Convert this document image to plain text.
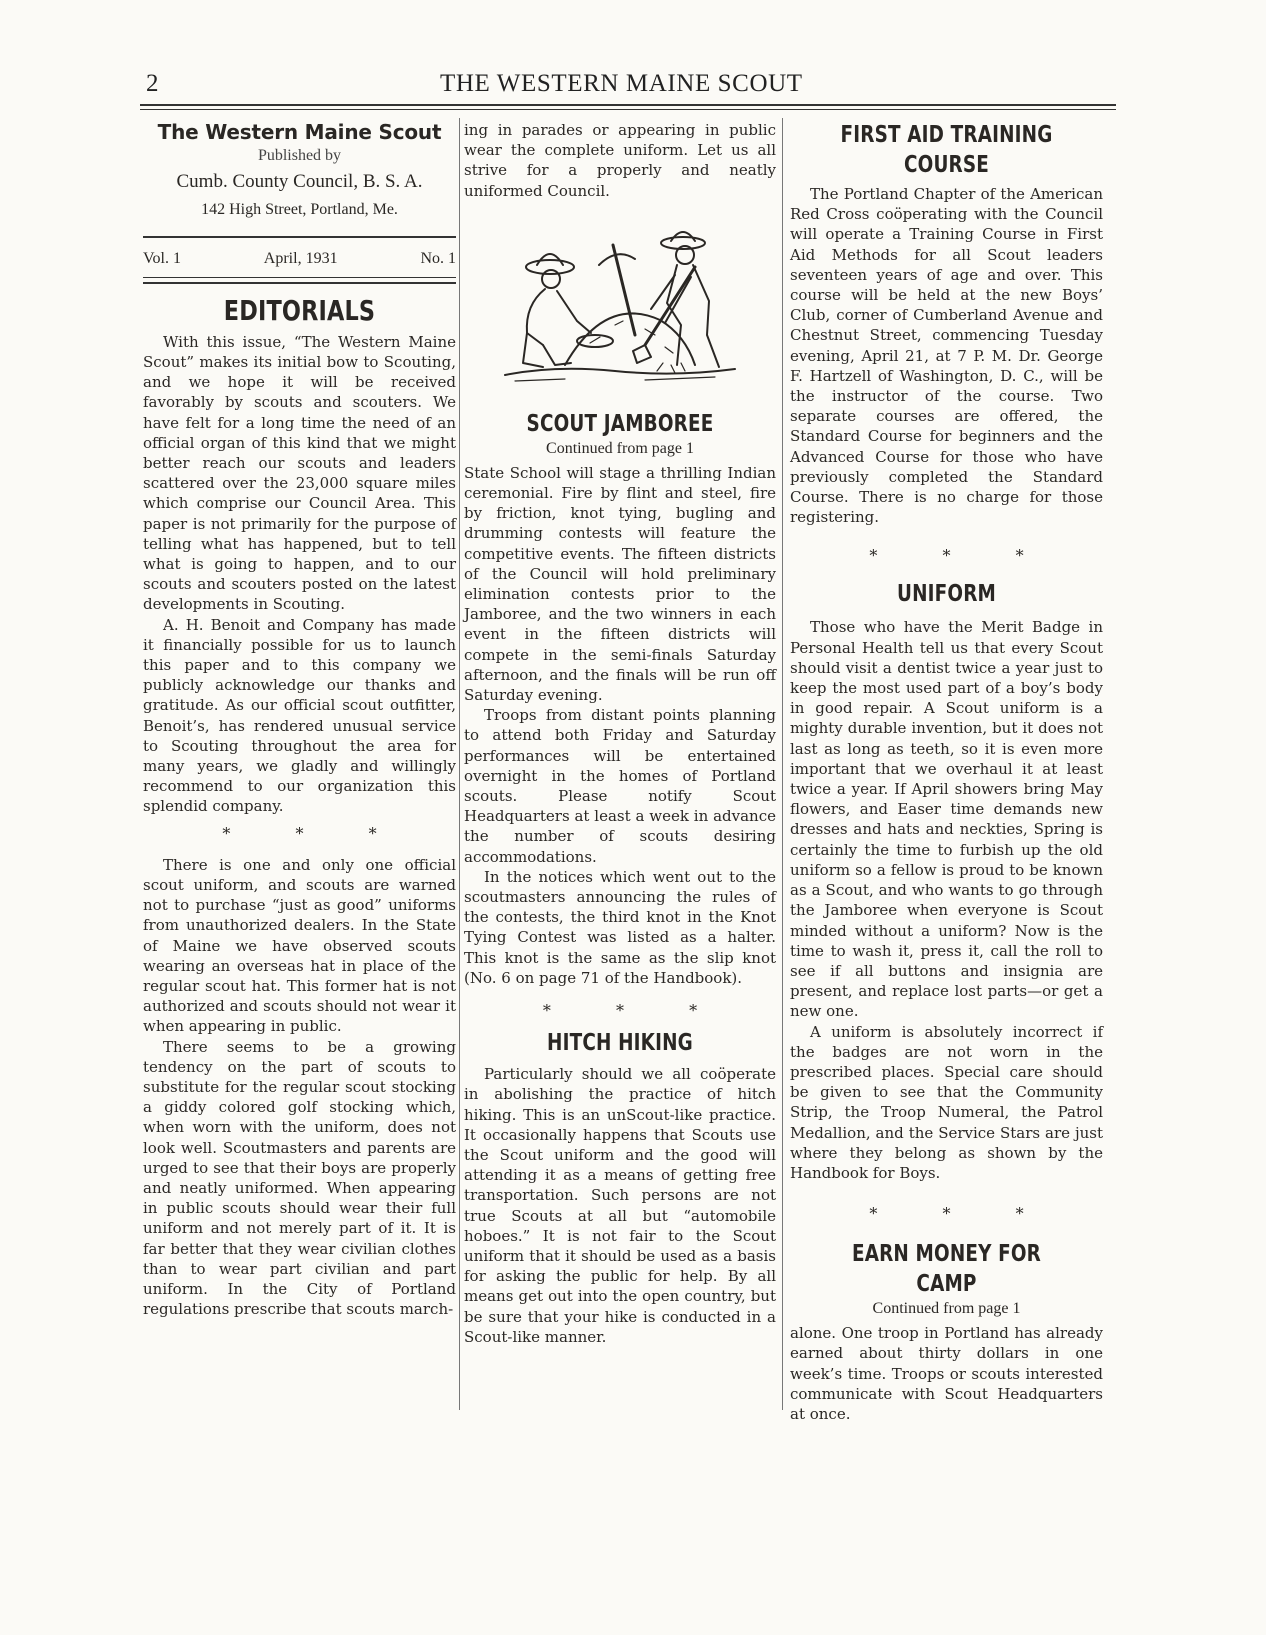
2	THE WESTERN MAINE SCOUT
The Western Maine Scout
Published by
Cumb. County Council, B. S. A.
142 High Street, Portland, Me.
Vol. 1	April, 1931	No. 1
EDITORIALS

With this issue, “The Western Maine Scout” makes its initial bow to Scouting, and we hope it will be received favorably by scouts and scouters. We have felt for a long time the need of an official organ of this kind that we might better reach our scouts and leaders scattered over the 23,000 square miles which comprise our Council Area. This paper is not primarily for the purpose of telling what has happened, but to tell what is going to happen, and to our scouts and scouters posted on the latest developments in Scouting.

A. H. Benoit and Company has made it financially possible for us to launch this paper and to this company we publicly acknowledge our thanks and gratitude. As our official scout outfitter, Benoit’s, has rendered unusual service to Scouting throughout the area for many years, we gladly and willingly recommend to our organization this splendid company.

* * *

There is one and only one official scout uniform, and scouts are warned not to purchase “just as good” uniforms from unauthorized dealers. In the State of Maine we have observed scouts wearing an overseas hat in place of the regular scout hat. This former hat is not authorized and scouts should not wear it when appearing in public.

There seems to be a growing tendency on the part of scouts to substitute for the regular scout stocking a giddy colored golf stocking which, when worn with the uniform, does not look well. Scoutmasters and parents are urged to see that their boys are properly and neatly uniformed. When appearing in public scouts should wear their full uniform and not merely part of it. It is far better that they wear civilian clothes than to wear part civilian and part uniform. In the City of Portland regulations prescribe that scouts march-

ing in parades or appearing in public wear the complete uniform. Let us all strive for a properly and neatly uniformed Council.

SCOUT JAMBOREE
Continued from page 1

State School will stage a thrilling Indian ceremonial. Fire by flint and steel, fire by friction, knot tying, bugling and drumming contests will feature the competitive events. The fifteen districts of the Council will hold preliminary elimination contests prior to the Jamboree, and the two winners in each event in the fifteen districts will compete in the semi-finals Saturday afternoon, and the finals will be run off Saturday evening.

Troops from distant points planning to attend both Friday and Saturday performances will be entertained overnight in the homes of Portland scouts. Please notify Scout Headquarters at least a week in advance the number of scouts desiring accommodations.

In the notices which went out to the scoutmasters announcing the rules of the contests, the third knot in the Knot Tying Contest was listed as a halter. This knot is the same as the slip knot (No. 6 on page 71 of the Handbook).

* * *
HITCH HIKING

Particularly should we all coöperate in abolishing the practice of hitch hiking. This is an unScout-like practice. It occasionally happens that Scouts use the Scout uniform and the good will attending it as a means of getting free transportation. Such persons are not true Scouts at all but “automobile hoboes.” It is not fair to the Scout uniform that it should be used as a basis for asking the public for help. By all means get out into the open country, but be sure that your hike is conducted in a Scout-like manner.

FIRST AID TRAINING COURSE

The Portland Chapter of the American Red Cross coöperating with the Council will operate a Training Course in First Aid Methods for all Scout leaders seventeen years of age and over. This course will be held at the new Boys’ Club, corner of Cumberland Avenue and Chestnut Street, commencing Tuesday evening, April 21, at 7 P. M. Dr. George F. Hartzell of Washington, D. C., will be the instructor of the course. Two separate courses are offered, the Standard Course for beginners and the Advanced Course for those who have previously completed the Standard Course. There is no charge for those registering.

* * *
UNIFORM

Those who have the Merit Badge in Personal Health tell us that every Scout should visit a dentist twice a year just to keep the most used part of a boy’s body in good repair. A Scout uniform is a mighty durable invention, but it does not last as long as teeth, so it is even more important that we overhaul it at least twice a year. If April showers bring May flowers, and Easer time demands new dresses and hats and neckties, Spring is certainly the time to furbish up the old uniform so a fellow is proud to be known as a Scout, and who wants to go through the Jamboree when everyone is Scout minded without a uniform? Now is the time to wash it, press it, call the roll to see if all buttons and insignia are present, and replace lost parts—or get a new one.

A uniform is absolutely incorrect if the badges are not worn in the prescribed places. Special care should be given to see that the Community Strip, the Troop Numeral, the Patrol Medallion, and the Service Stars are just where they belong as shown by the Handbook for Boys.

* * *
EARN MONEY FOR CAMP
Continued from page 1

alone. One troop in Portland has already earned about thirty dollars in one week’s time. Troops or scouts interested communicate with Scout Headquarters at once.
